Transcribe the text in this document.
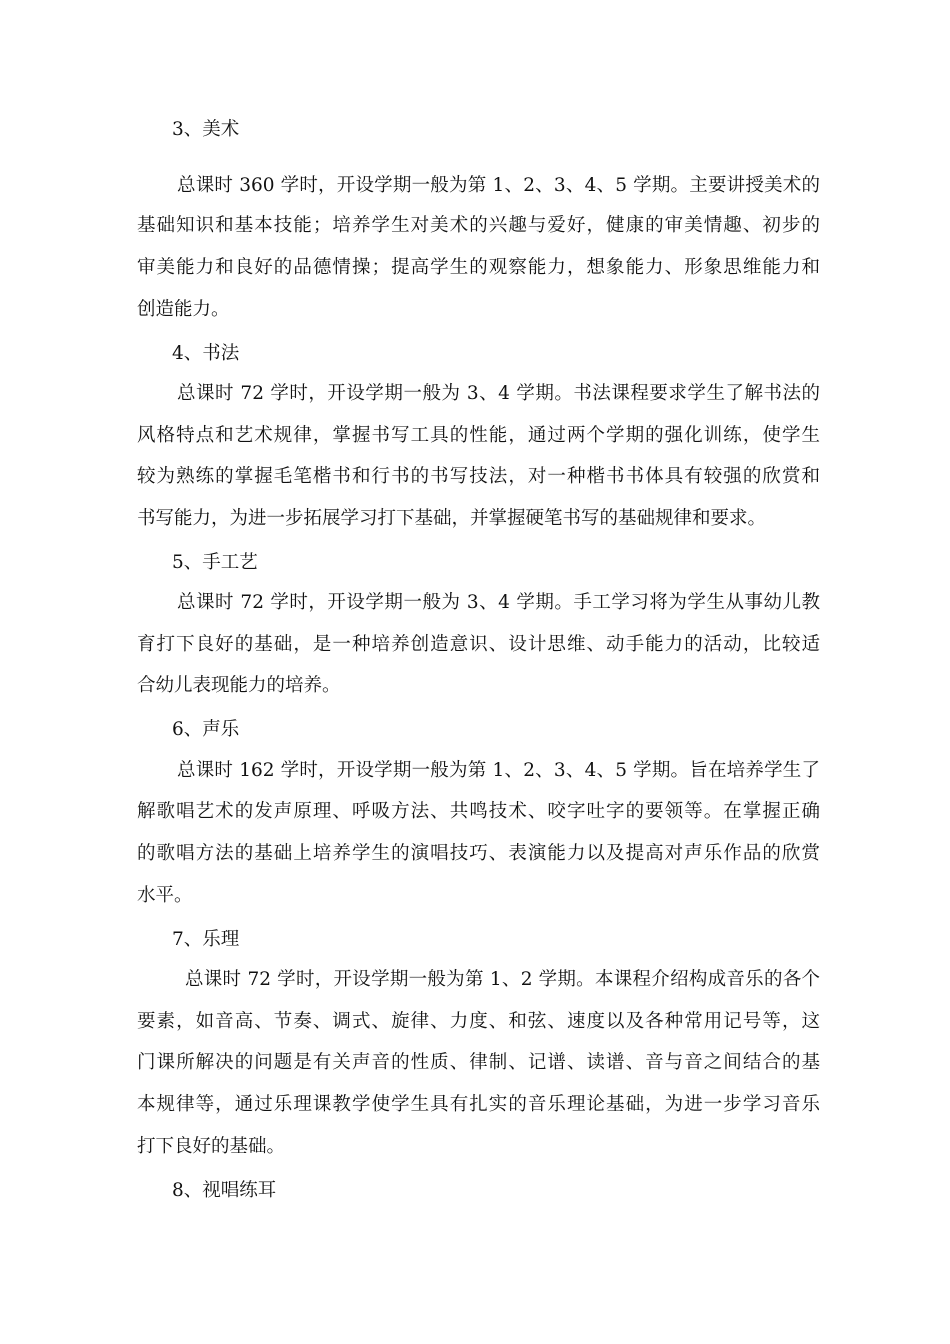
3、美术
总课时 360 学时，开设学期一般为第 1、2、3、4、5 学期。主要讲授美术的
基础知识和基本技能；培养学生对美术的兴趣与爱好，健康的审美情趣、初步的
审美能力和良好的品德情操；提高学生的观察能力，想象能力、形象思维能力和
创造能力。
4、书法
总课时 72 学时，开设学期一般为 3、4 学期。书法课程要求学生了解书法的
风格特点和艺术规律，掌握书写工具的性能，通过两个学期的强化训练，使学生
较为熟练的掌握毛笔楷书和行书的书写技法，对一种楷书书体具有较强的欣赏和
书写能力，为进一步拓展学习打下基础，并掌握硬笔书写的基础规律和要求。
5、手工艺
总课时 72 学时，开设学期一般为 3、4 学期。手工学习将为学生从事幼儿教
育打下良好的基础，是一种培养创造意识、设计思维、动手能力的活动，比较适
合幼儿表现能力的培养。
6、声乐
总课时 162 学时，开设学期一般为第 1、2、3、4、5 学期。旨在培养学生了
解歌唱艺术的发声原理、呼吸方法、共鸣技术、咬字吐字的要领等。在掌握正确
的歌唱方法的基础上培养学生的演唱技巧、表演能力以及提高对声乐作品的欣赏
水平。
7、乐理
总课时 72 学时，开设学期一般为第 1、2 学期。本课程介绍构成音乐的各个
要素，如音高、节奏、调式、旋律、力度、和弦、速度以及各种常用记号等，这
门课所解决的问题是有关声音的性质、律制、记谱、读谱、音与音之间结合的基
本规律等，通过乐理课教学使学生具有扎实的音乐理论基础，为进一步学习音乐
打下良好的基础。
8、视唱练耳
